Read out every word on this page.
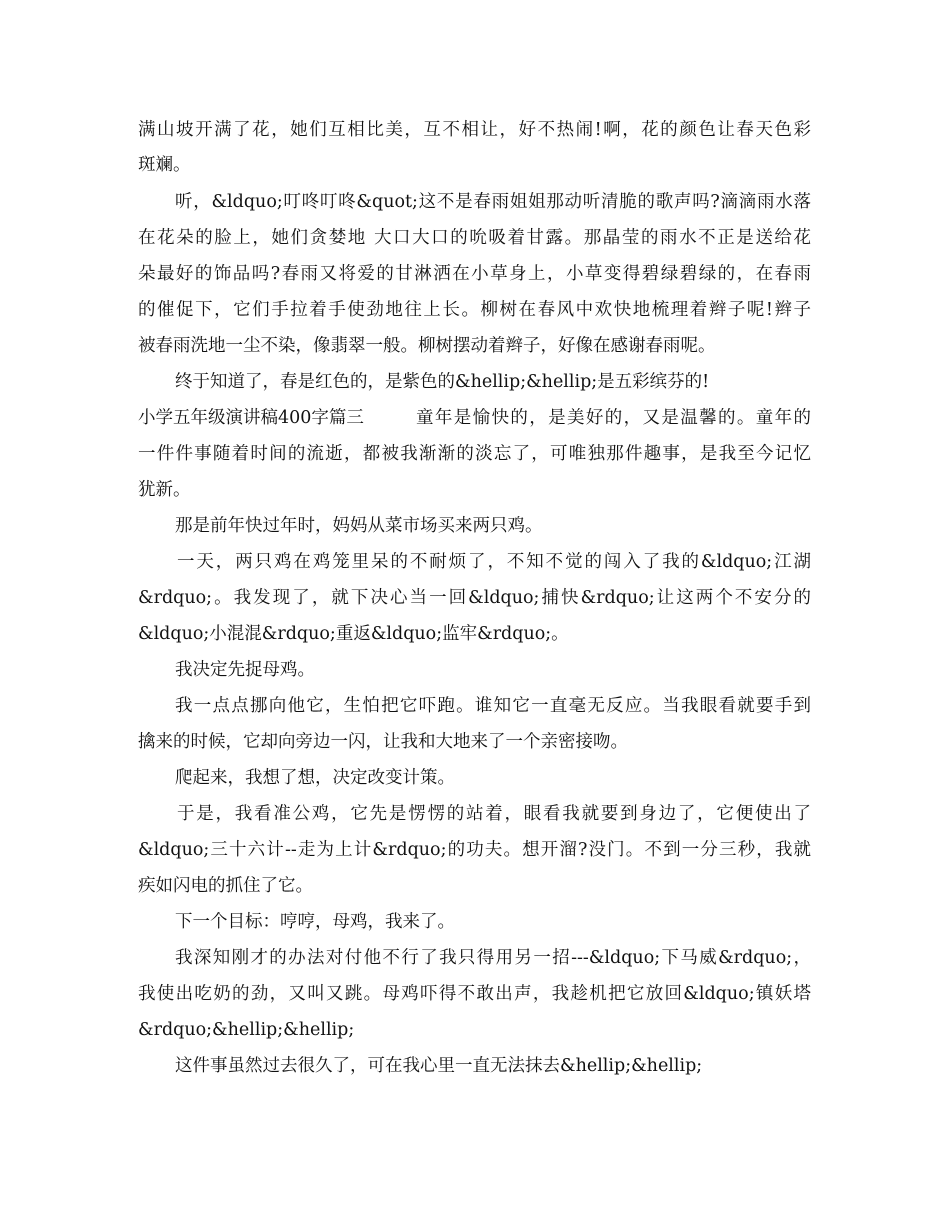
满山坡开满了花，她们互相比美，互不相让，好不热闹!啊，花的颜色让春天色彩
斑斓。
听，&ldquo;叮咚叮咚&quot;这不是春雨姐姐那动听清脆的歌声吗?滴滴雨水落
在花朵的脸上，她们贪婪地 大口大口的吮吸着甘露。那晶莹的雨水不正是送给花
朵最好的饰品吗?春雨又将爱的甘淋洒在小草身上，小草变得碧绿碧绿的，在春雨
的催促下，它们手拉着手使劲地往上长。柳树在春风中欢快地梳理着辫子呢!辫子
被春雨洗地一尘不染，像翡翠一般。柳树摆动着辫子，好像在感谢春雨呢。
终于知道了，春是红色的，是紫色的&hellip;&hellip;是五彩缤芬的!
小学五年级演讲稿400字篇三	童年是愉快的，是美好的，又是温馨的。童年的
一件件事随着时间的流逝，都被我渐渐的淡忘了，可唯独那件趣事，是我至今记忆
犹新。
那是前年快过年时，妈妈从菜市场买来两只鸡。
一天，两只鸡在鸡笼里呆的不耐烦了，不知不觉的闯入了我的&ldquo;江湖
&rdquo;。我发现了，就下决心当一回&ldquo;捕快&rdquo;让这两个不安分的
&ldquo;小混混&rdquo;重返&ldquo;监牢&rdquo;。
我决定先捉母鸡。
我一点点挪向他它，生怕把它吓跑。谁知它一直毫无反应。当我眼看就要手到
擒来的时候，它却向旁边一闪，让我和大地来了一个亲密接吻。
爬起来，我想了想，决定改变计策。
于是，我看准公鸡，它先是愣愣的站着，眼看我就要到身边了，它便使出了
&ldquo;三十六计--走为上计&rdquo;的功夫。想开溜?没门。不到一分三秒，我就
疾如闪电的抓住了它。
下一个目标：哼哼，母鸡，我来了。
我深知刚才的办法对付他不行了我只得用另一招---&ldquo;下马威&rdquo;，
我使出吃奶的劲，又叫又跳。母鸡吓得不敢出声，我趁机把它放回&ldquo;镇妖塔
&rdquo;&hellip;&hellip;
这件事虽然过去很久了，可在我心里一直无法抹去&hellip;&hellip;
